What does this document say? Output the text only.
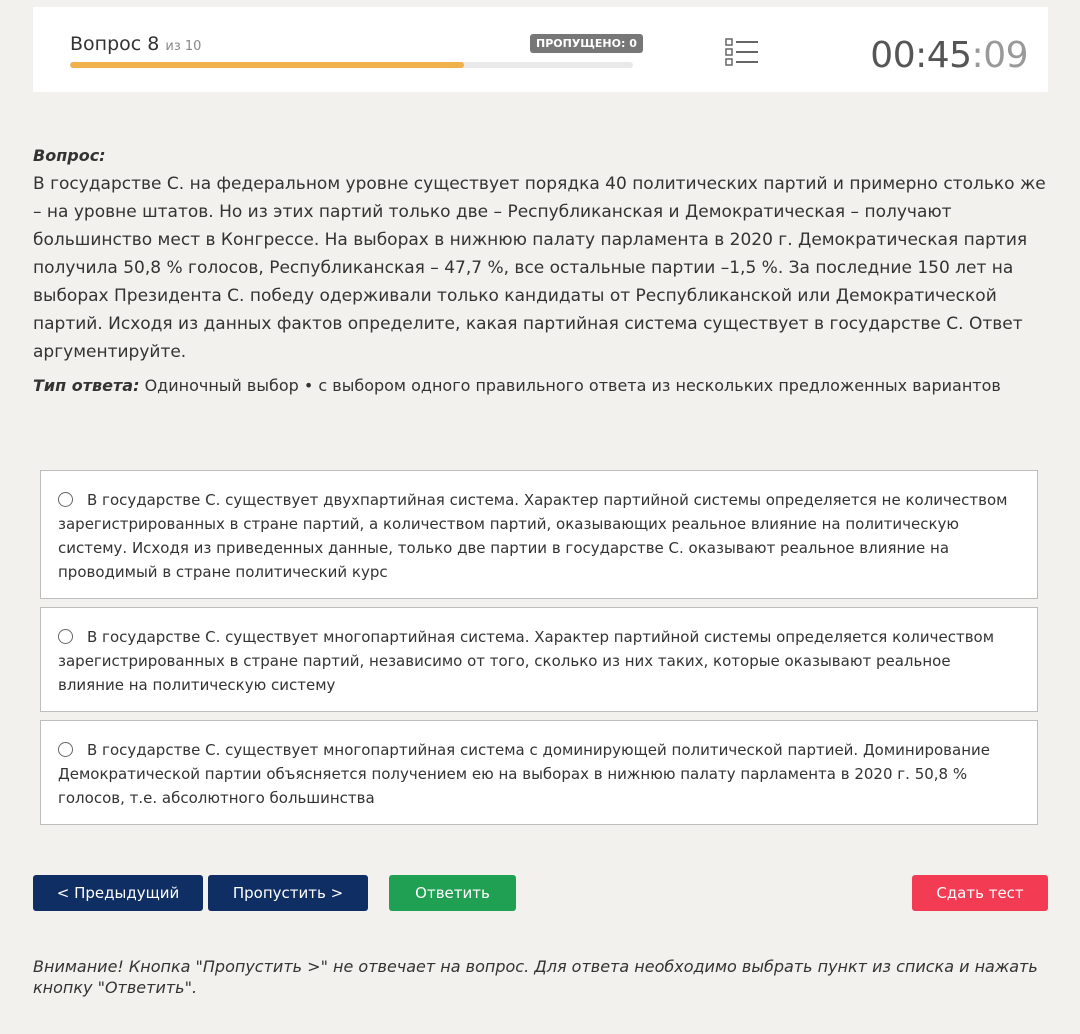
Вопрос 8 из 10	ПРОПУЩЕНО: 0	00:45:09
Вопрос:
В государстве С. на федеральном уровне существует порядка 40 политических партий и примерно столько же – на уровне штатов. Но из этих партий только две – Республиканская и Демократическая – получают большинство мест в Конгрессе. На выборах в нижнюю палату парламента в 2020 г. Демократическая партия получила 50,8 % голосов, Республиканская – 47,7 %, все остальные партии –1,5 %. За последние 150 лет на выборах Президента С. победу одерживали только кандидаты от Республиканской или Демократической партий. Исходя из данных фактов определите, какая партийная система существует в государстве С. Ответ аргументируйте.
Тип ответа: Одиночный выбор • с выбором одного правильного ответа из нескольких предложенных вариантов
В государстве С. существует двухпартийная система. Характер партийной системы определяется не количеством зарегистрированных в стране партий, а количеством партий, оказывающих реальное влияние на политическую систему. Исходя из приведенных данные, только две партии в государстве С. оказывают реальное влияние на проводимый в стране политический курс
В государстве С. существует многопартийная система. Характер партийной системы определяется количеством зарегистрированных в стране партий, независимо от того, сколько из них таких, которые оказывают реальное влияние на политическую систему
В государстве С. существует многопартийная система с доминирующей политической партией. Доминирование Демократической партии объясняется получением ею на выборах в нижнюю палату парламента в 2020 г. 50,8 % голосов, т.е. абсолютного большинства
< Предыдущий	Пропустить >	Ответить	Сдать тест
Внимание! Кнопка "Пропустить >" не отвечает на вопрос. Для ответа необходимо выбрать пункт из списка и нажать кнопку "Ответить".
